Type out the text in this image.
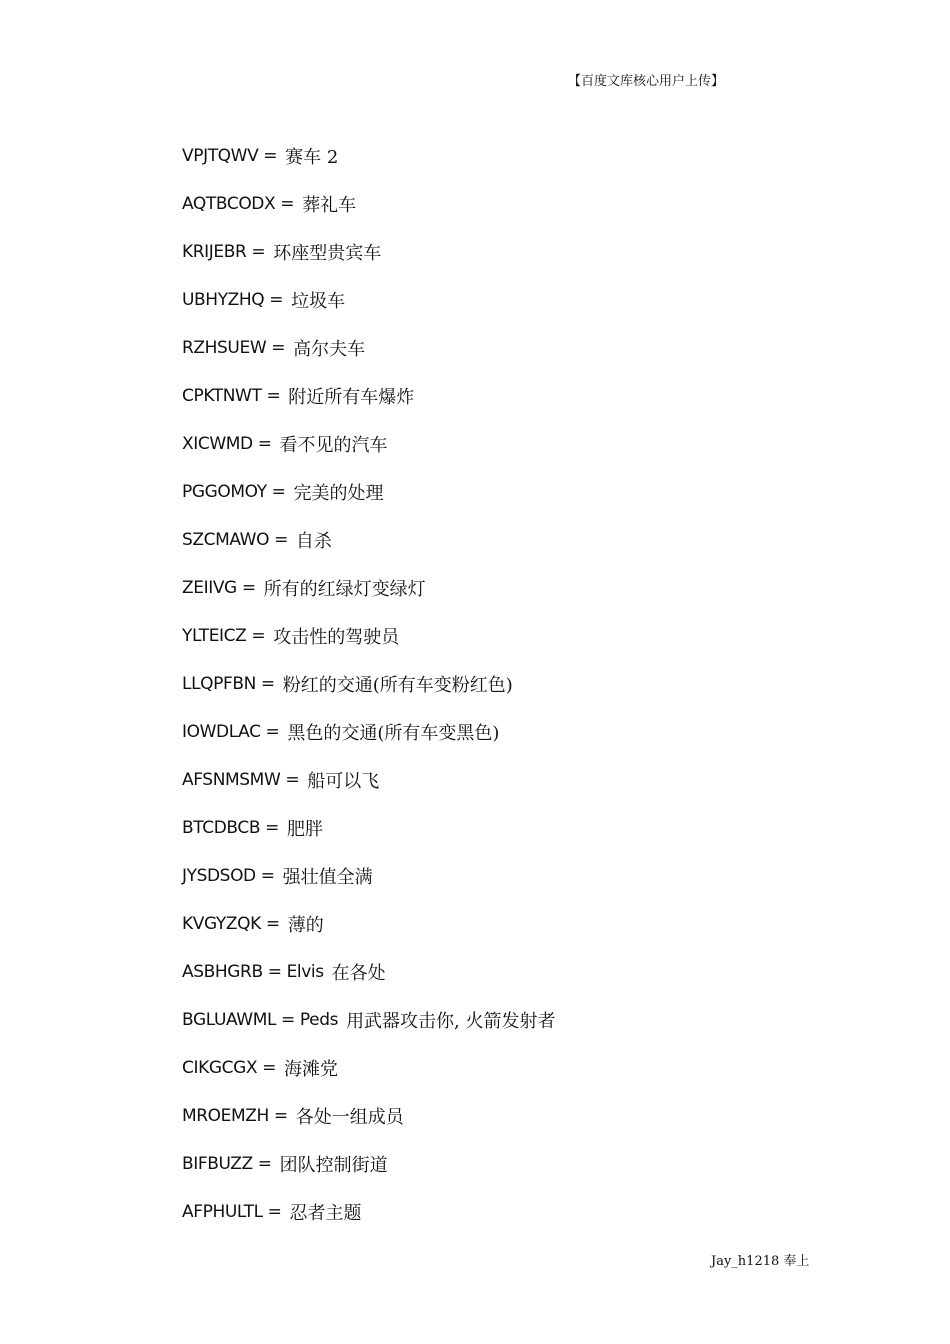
【百度文库核心用户上传】
VPJTQWV = 赛车 2
AQTBCODX = 葬礼车
KRIJEBR = 环座型贵宾车
UBHYZHQ = 垃圾车
RZHSUEW = 高尔夫车
CPKTNWT = 附近所有车爆炸
XICWMD = 看不见的汽车
PGGOMOY = 完美的处理
SZCMAWO = 自杀
ZEIIVG = 所有的红绿灯变绿灯
YLTEICZ = 攻击性的驾驶员
LLQPFBN = 粉红的交通(所有车变粉红色)
IOWDLAC = 黑色的交通(所有车变黑色)
AFSNMSMW = 船可以飞
BTCDBCB = 肥胖
JYSDSOD = 强壮值全满
KVGYZQK = 薄的
ASBHGRB = Elvis 在各处
BGLUAWML = Peds 用武器攻击你, 火箭发射者
CIKGCGX = 海滩党
MROEMZH = 各处一组成员
BIFBUZZ = 团队控制街道
AFPHULTL = 忍者主题
Jay_h1218 奉上
